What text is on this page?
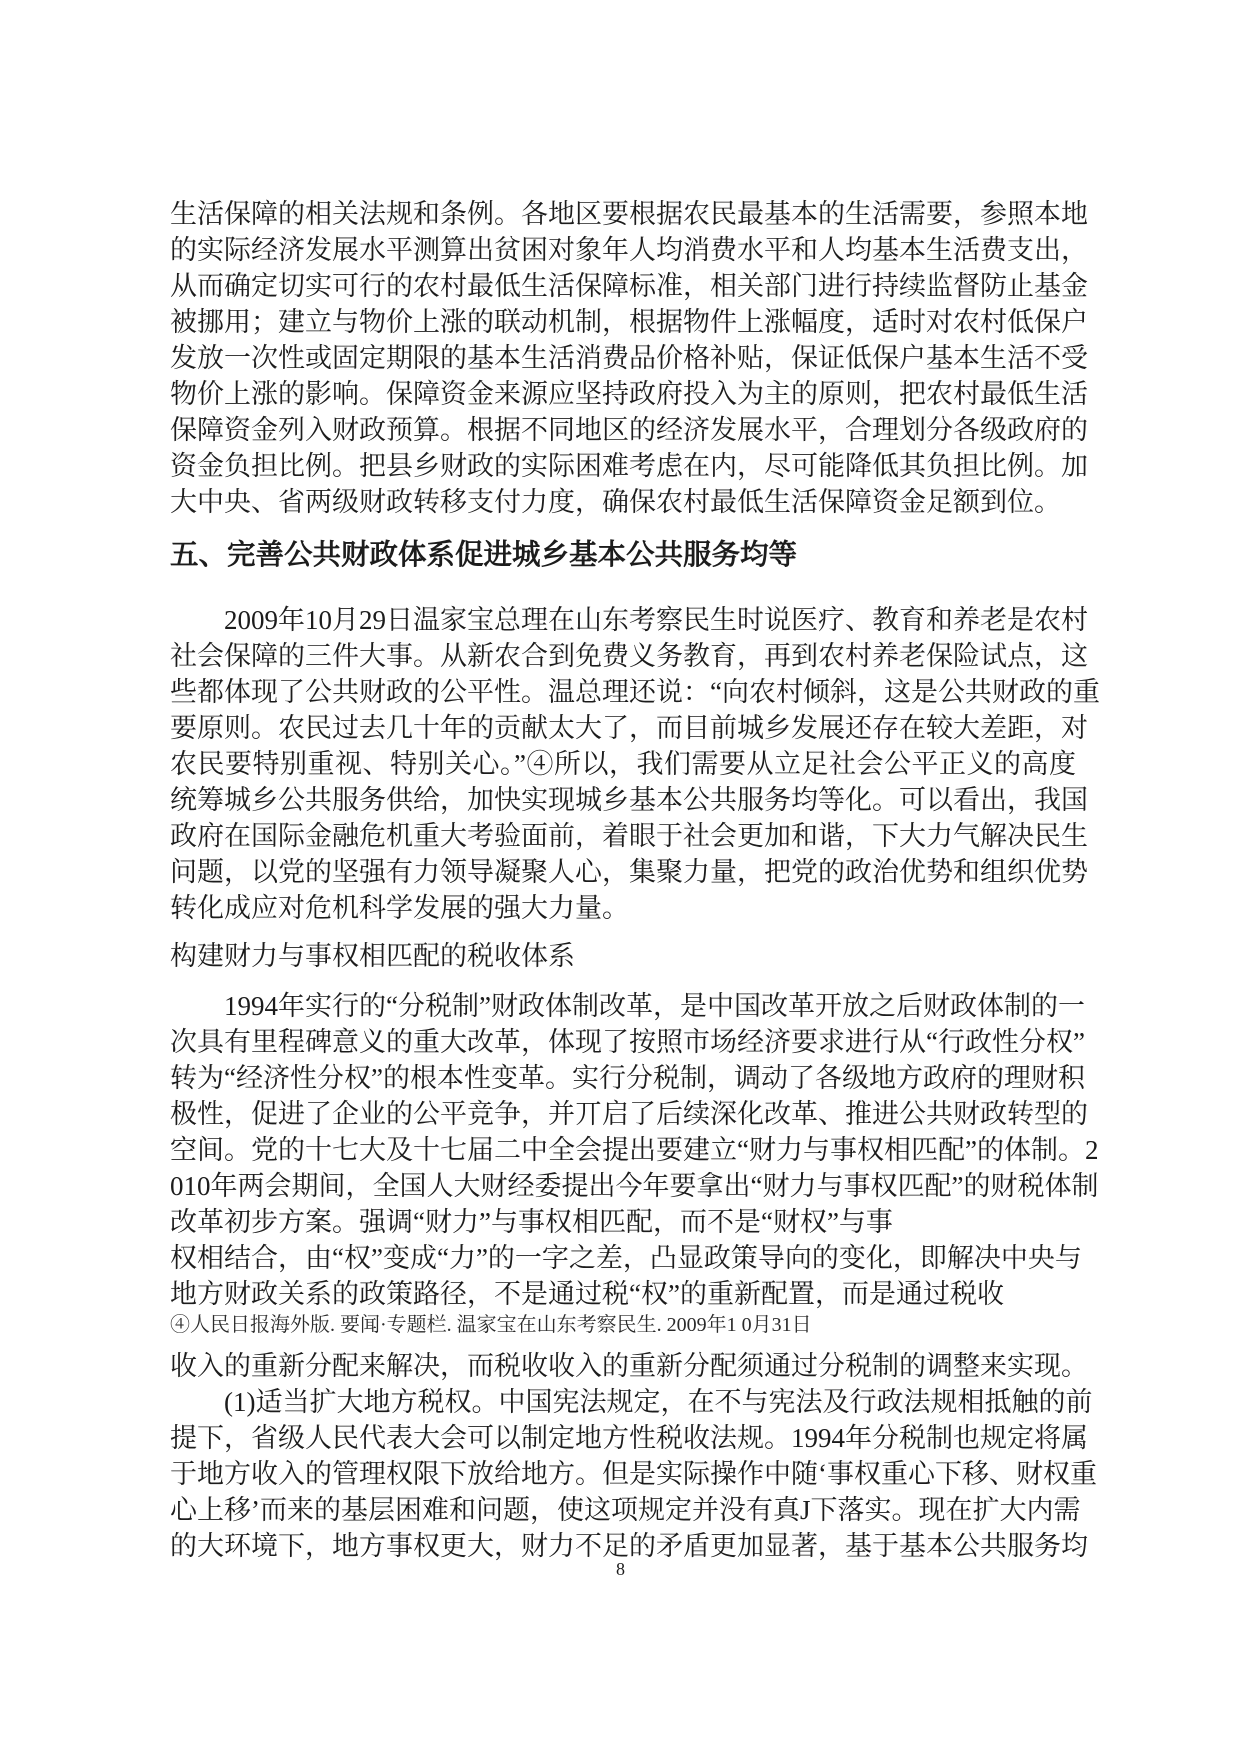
生活保障的相关法规和条例。各地区要根据农民最基本的生活需要，参照本地
的实际经济发展水平测算出贫困对象年人均消费水平和人均基本生活费支出，
从而确定切实可行的农村最低生活保障标准，相关部门进行持续监督防止基金
被挪用；建立与物价上涨的联动机制，根据物件上涨幅度，适时对农村低保户
发放一次性或固定期限的基本生活消费品价格补贴，保证低保户基本生活不受
物价上涨的影响。保障资金来源应坚持政府投入为主的原则，把农村最低生活
保障资金列入财政预算。根据不同地区的经济发展水平，合理划分各级政府的
资金负担比例。把县乡财政的实际困难考虑在内，尽可能降低其负担比例。加
大中央、省两级财政转移支付力度，确保农村最低生活保障资金足额到位。
五、完善公共财政体系促进城乡基本公共服务均等
　　2009年10月29日温家宝总理在山东考察民生时说医疗、教育和养老是农村
社会保障的三件大事。从新农合到免费义务教育，再到农村养老保险试点，这
些都体现了公共财政的公平性。温总理还说：“向农村倾斜，这是公共财政的重
要原则。农民过去几十年的贡献太大了，而目前城乡发展还存在较大差距，对
农民要特别重视、特别关心。”④所以，我们需要从立足社会公平正义的高度
统筹城乡公共服务供给，加快实现城乡基本公共服务均等化。可以看出，我国
政府在国际金融危机重大考验面前，着眼于社会更加和谐，下大力气解决民生
问题，以党的坚强有力领导凝聚人心，集聚力量，把党的政治优势和组织优势
转化成应对危机科学发展的强大力量。
构建财力与事权相匹配的税收体系
　　1994年实行的“分税制”财政体制改革，是中国改革开放之后财政体制的一
次具有里程碑意义的重大改革，体现了按照市场经济要求进行从“行政性分权”
转为“经济性分权”的根本性变革。实行分税制，调动了各级地方政府的理财积
极性，促进了企业的公平竞争，并丌启了后续深化改革、推进公共财政转型的
空间。党的十七大及十七届二中全会提出要建立“财力与事权相匹配”的体制。2
010年两会期间，全国人大财经委提出今年要拿出“财力与事权匹配”的财税体制
改革初步方案。强调“财力”与事权相匹配，而不是“财权”与事
权相结合，由“权”变成“力”的一字之差，凸显政策导向的变化，即解决中央与
地方财政关系的政策路径，不是通过税“权”的重新配置，而是通过税收
④人民日报海外版. 要闻·专题栏. 温家宝在山东考察民生. 2009年1 0月31日
收入的重新分配来解决，而税收收入的重新分配须通过分税制的调整来实现。
　　(1)适当扩大地方税权。中国宪法规定，在不与宪法及行政法规相抵触的前
提下，省级人民代表大会可以制定地方性税收法规。1994年分税制也规定将属
于地方收入的管理权限下放给地方。但是实际操作中随‘事权重心下移、财权重
心上移’而来的基层困难和问题，使这项规定并没有真J下落实。现在扩大内需
的大环境下，地方事权更大，财力不足的矛盾更加显著，基于基本公共服务均
8
